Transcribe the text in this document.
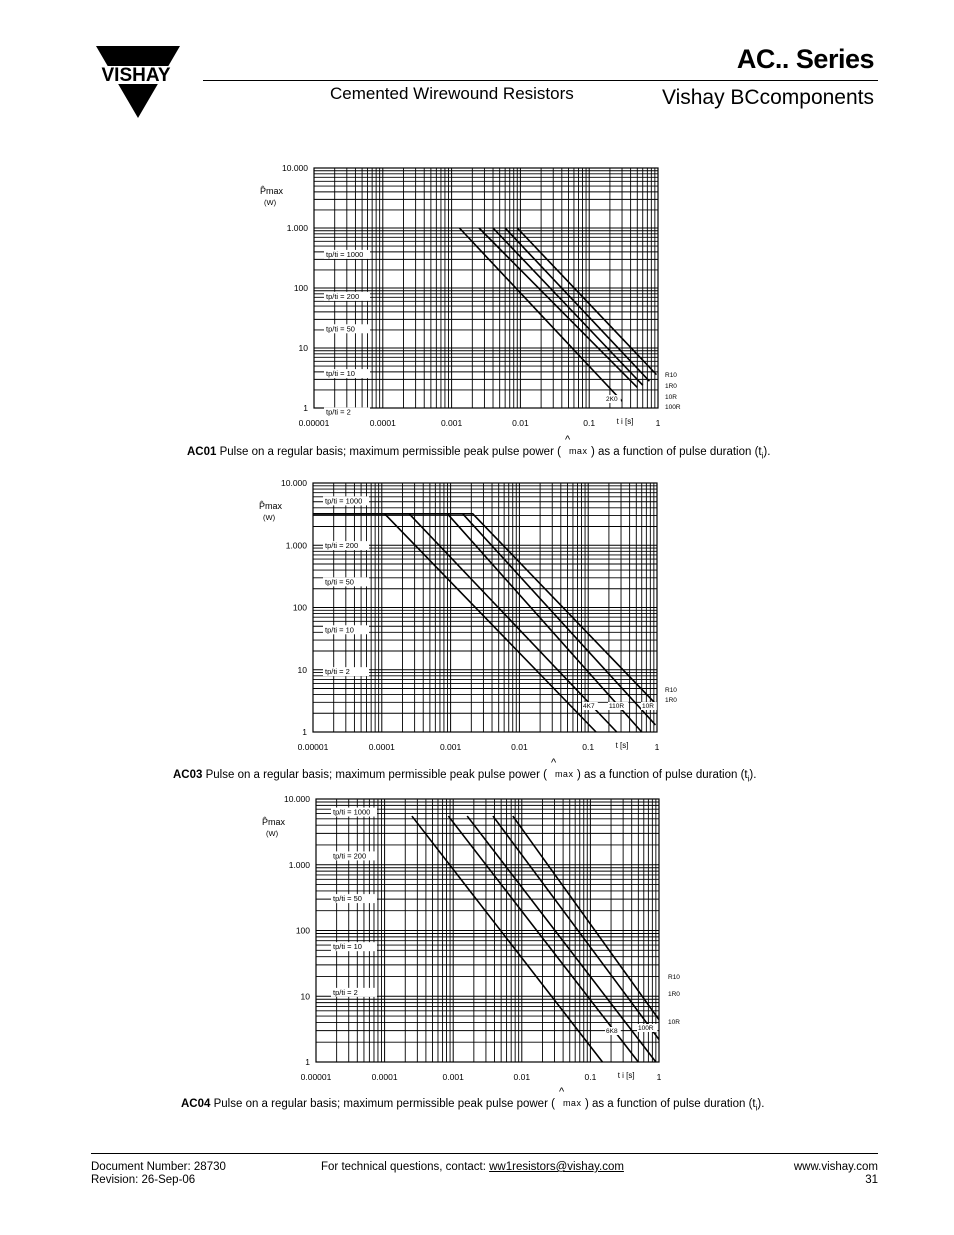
VISHAY
AC.. Series
Cemented Wirewound Resistors	Vishay BCcomponents
0.00001	0.0001	0.001	0.01	0.1	1
1
10
100
1.000
10.000
P̂max
(W)
t i [s]
tp/ti = 1000
tp/ti = 200
tp/ti = 50
tp/ti = 10
tp/ti = 2
R10
1R0
10R
100R
2K0
AC01 Pulse on a regular basis; maximum permissible peak pulse power (
^
max ) as a function of pulse duration $(t_i)$.
0.00001	0.0001	0.001	0.01	0.1	1
1
10
100
1.000
10.000
P̂max
(W)
t [s]
tp/ti = 1000
tp/ti = 200
tp/ti = 50
tp/ti = 10
tp/ti = 2
R10
1R0
4K7 110R	10R
AC03 Pulse on a regular basis; maximum permissible peak pulse power (
^
max ) as a function of pulse duration $(t_i)$.
0.00001	0.0001	0.001	0.01	0.1	1
1
10
100
1.000
10.000
P̂max
(W)
t i [s]
tp/ti = 1000
tp/ti = 200
tp/ti = 50
tp/ti = 10
tp/ti = 2
R10
1R0
10R
6K8	100R
AC04 Pulse on a regular basis; maximum permissible peak pulse power (
^
max ) as a function of pulse duration $(t_i)$.
Document Number: 28730
Revision: 26-Sep-06
For technical questions, contact: ww1resistors@vishay.com	www.vishay.com
31
